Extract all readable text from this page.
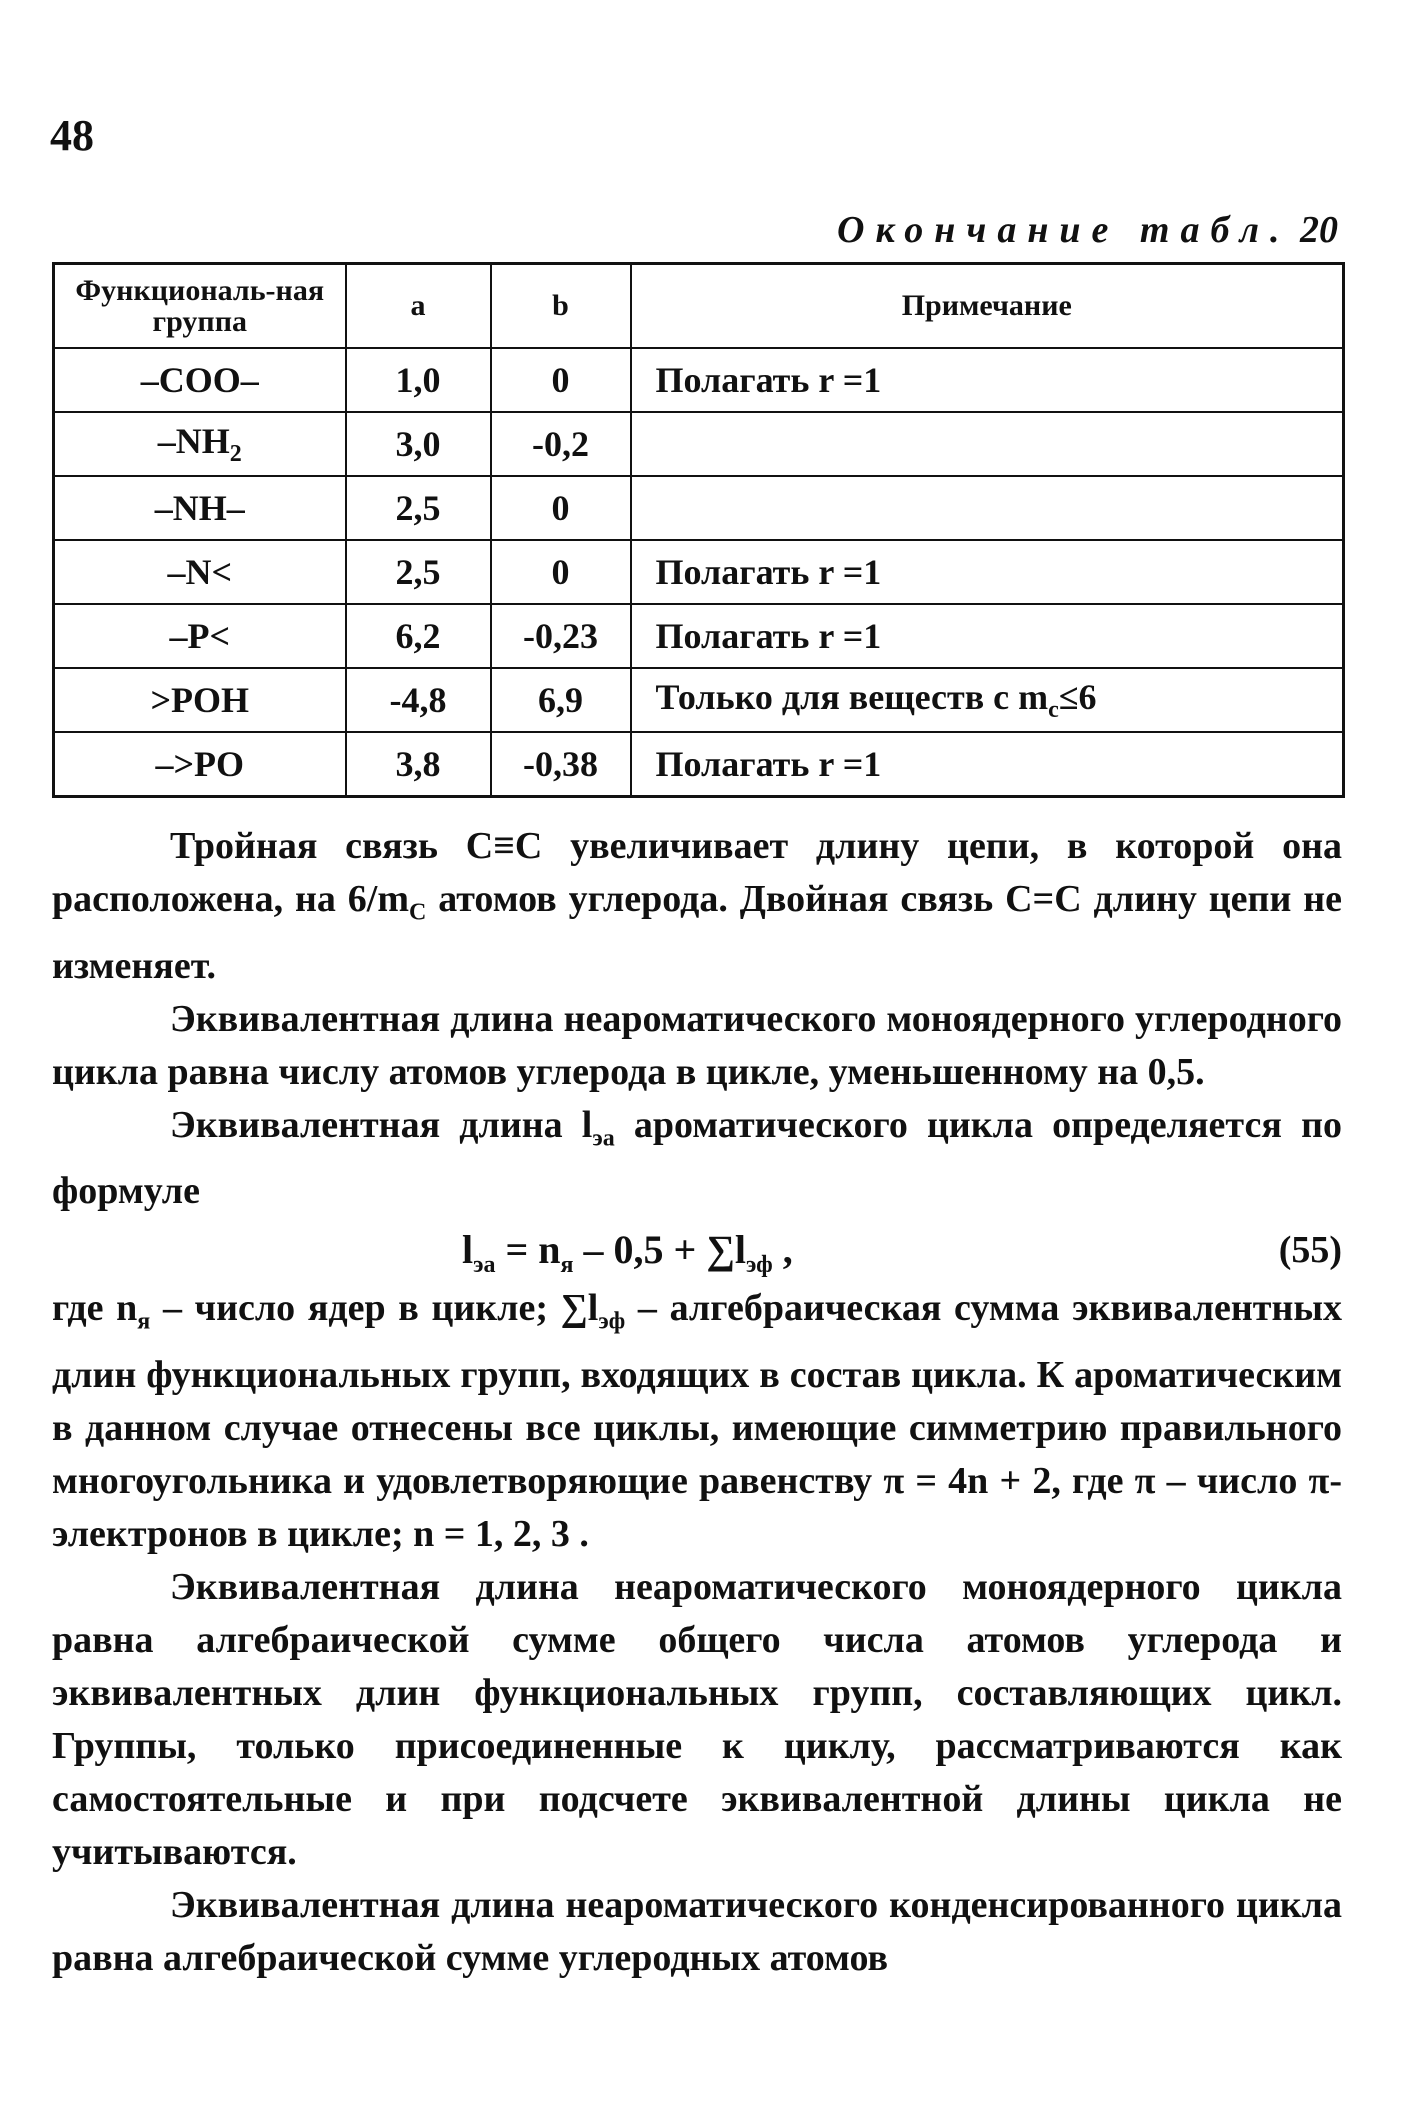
48
Окончание табл. 20
Функциональ-ная группа	a	b	Примечание
–COO–	1,0	0	Полагать r =1
$-NH_2$	3,0	-0,2	
–NH–	2,5	0	
–N<	2,5	0	Полагать r =1
–P<	6,2	-0,23	Полагать r =1
>POH	-4,8	6,9	Только для веществ с $m_c\le 6$
–>PO	3,8	-0,38	Полагать r =1

Тройная связь C≡C увеличивает длину цепи, в которой она расположена, на $6/m_C$ атомов углерода. Двойная связь C=C длину цепи не изменяет.

Эквивалентная длина неароматического моноядерного углеродного цикла равна числу атомов углерода в цикле, уменьшенному на 0,5.

Эквивалентная длина $l_{эа}$ ароматического цикла определяется по формуле

$l_{эа} = n_я - 0,5 + \sum l_{эф}$ ,	(55)

где $n_я$ – число ядер в цикле; $\sum l_{эф}$ – алгебраическая сумма эквивалентных длин функциональных групп, входящих в состав цикла. К ароматическим в данном случае отнесены все циклы, имеющие симметрию правильного многоугольника и удовлетворяющие равенству π = 4n + 2, где π – число π-электронов в цикле; n = 1, 2, 3 .

Эквивалентная длина неароматического моноядерного цикла равна алгебраической сумме общего числа атомов углерода и эквивалентных длин функциональных групп, составляющих цикл. Группы, только присоединенные к циклу, рассматриваются как самостоятельные и при подсчете эквивалентной длины цикла не учитываются.

Эквивалентная длина неароматического конденсированного цикла равна алгебраической сумме углеродных атомов
